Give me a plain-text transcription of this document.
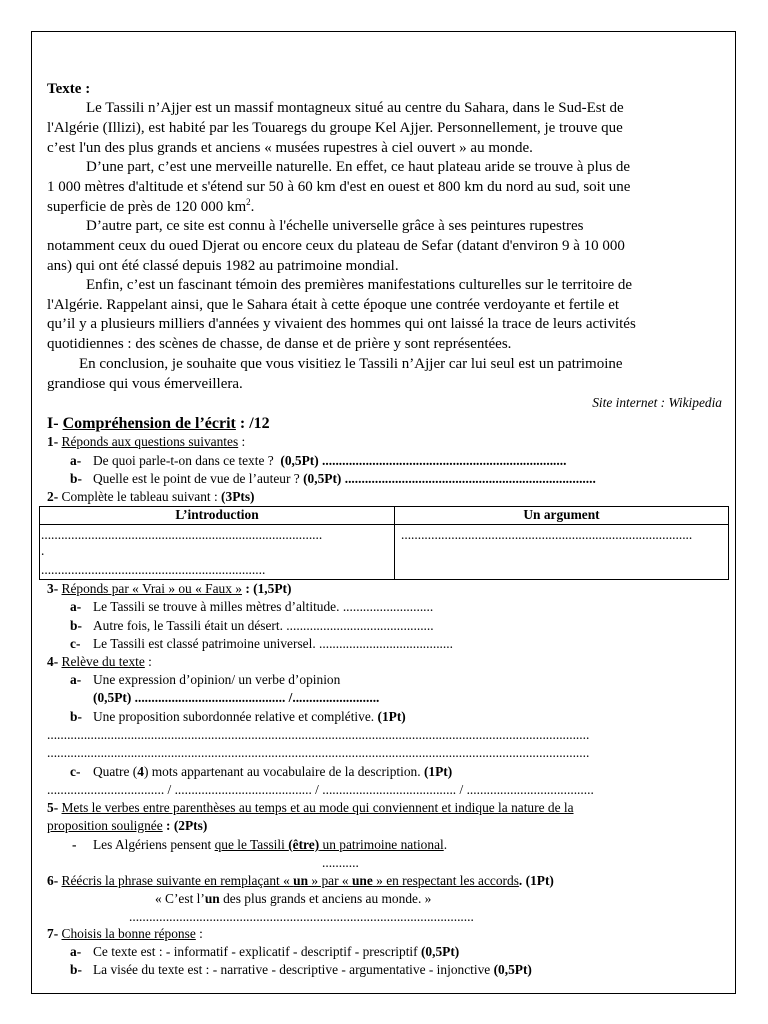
Texte :
Le Tassili n’Ajjer est un massif montagneux situé au centre du Sahara, dans le Sud-Est de
l'Algérie (Illizi), est habité par les Touaregs du groupe Kel Ajjer. Personnellement, je trouve que
c’est l'un des plus grands et anciens « musées rupestres à ciel ouvert » au monde.
D’une part, c’est une merveille naturelle. En effet, ce haut plateau aride se trouve à plus de
1 000 mètres d'altitude et s'étend sur 50 à 60 km d'est en ouest et 800 km du nord au sud, soit une
superficie de près de 120 000 $km^2$.
D’autre part, ce site est connu à l'échelle universelle grâce à ses peintures rupestres
notamment ceux du oued Djerat ou encore ceux du plateau de Sefar (datant d'environ 9 à 10 000
ans) qui ont été classé depuis 1982 au patrimoine mondial.
Enfin, c’est un fascinant témoin des premières manifestations culturelles sur le territoire de
l'Algérie. Rappelant ainsi, que le Sahara était à cette époque une contrée verdoyante et fertile et
qu’il y a plusieurs milliers d'années y vivaient des hommes qui ont laissé la trace de leurs activités
quotidiennes : des scènes de chasse, de danse et de prière y sont représentées.
En conclusion, je souhaite que vous visitiez le Tassili n’Ajjer car lui seul est un patrimoine
grandiose qui vous émerveillera.
Site internet : Wikipedia
I- Compréhension de l’écrit : /12
1- Réponds aux questions suivantes :
a- De quoi parle-t-on dans ce texte ? (0,5Pt) .........................................................................
b- Quelle est le point de vue de l’auteur ? (0,5Pt) ...........................................................................
2- Complète le tableau suivant : (3Pts)
L’introduction	Un argument

....................................................................................
.
...................................................................	.......................................................................................
3- Réponds par « Vrai » ou « Faux » : (1,5Pt)
a- Le Tassili se trouve à milles mètres d’altitude. ...........................
b- Autre fois, le Tassili était un désert. ............................................
c- Le Tassili est classé patrimoine universel. ........................................
4- Relève du texte :
a- Une expression d’opinion/ un verbe d’opinion
(0,5Pt) ............................................. /..........................
b- Une proposition subordonnée relative et complétive. (1Pt)
..................................................................................................................................................................
..................................................................................................................................................................
c- Quatre (4) mots appartenant au vocabulaire de la description. (1Pt)
................................... / ......................................... / ........................................ / ......................................
5- Mets le verbes entre parenthèses au temps et au mode qui conviennent et indique la nature de la
proposition soulignée : (2Pts)
- Les Algériens pensent que le Tassili (être) un patrimoine national.
...........
6- Réécris la phrase suivante en remplaçant « un » par « une » en respectant les accords. (1Pt)
« C’est l’un des plus grands et anciens au monde. »
.......................................................................................................
7- Choisis la bonne réponse :
a- Ce texte est : - informatif - explicatif - descriptif - prescriptif (0,5Pt)
b- La visée du texte est : - narrative - descriptive - argumentative - injonctive (0,5Pt)
